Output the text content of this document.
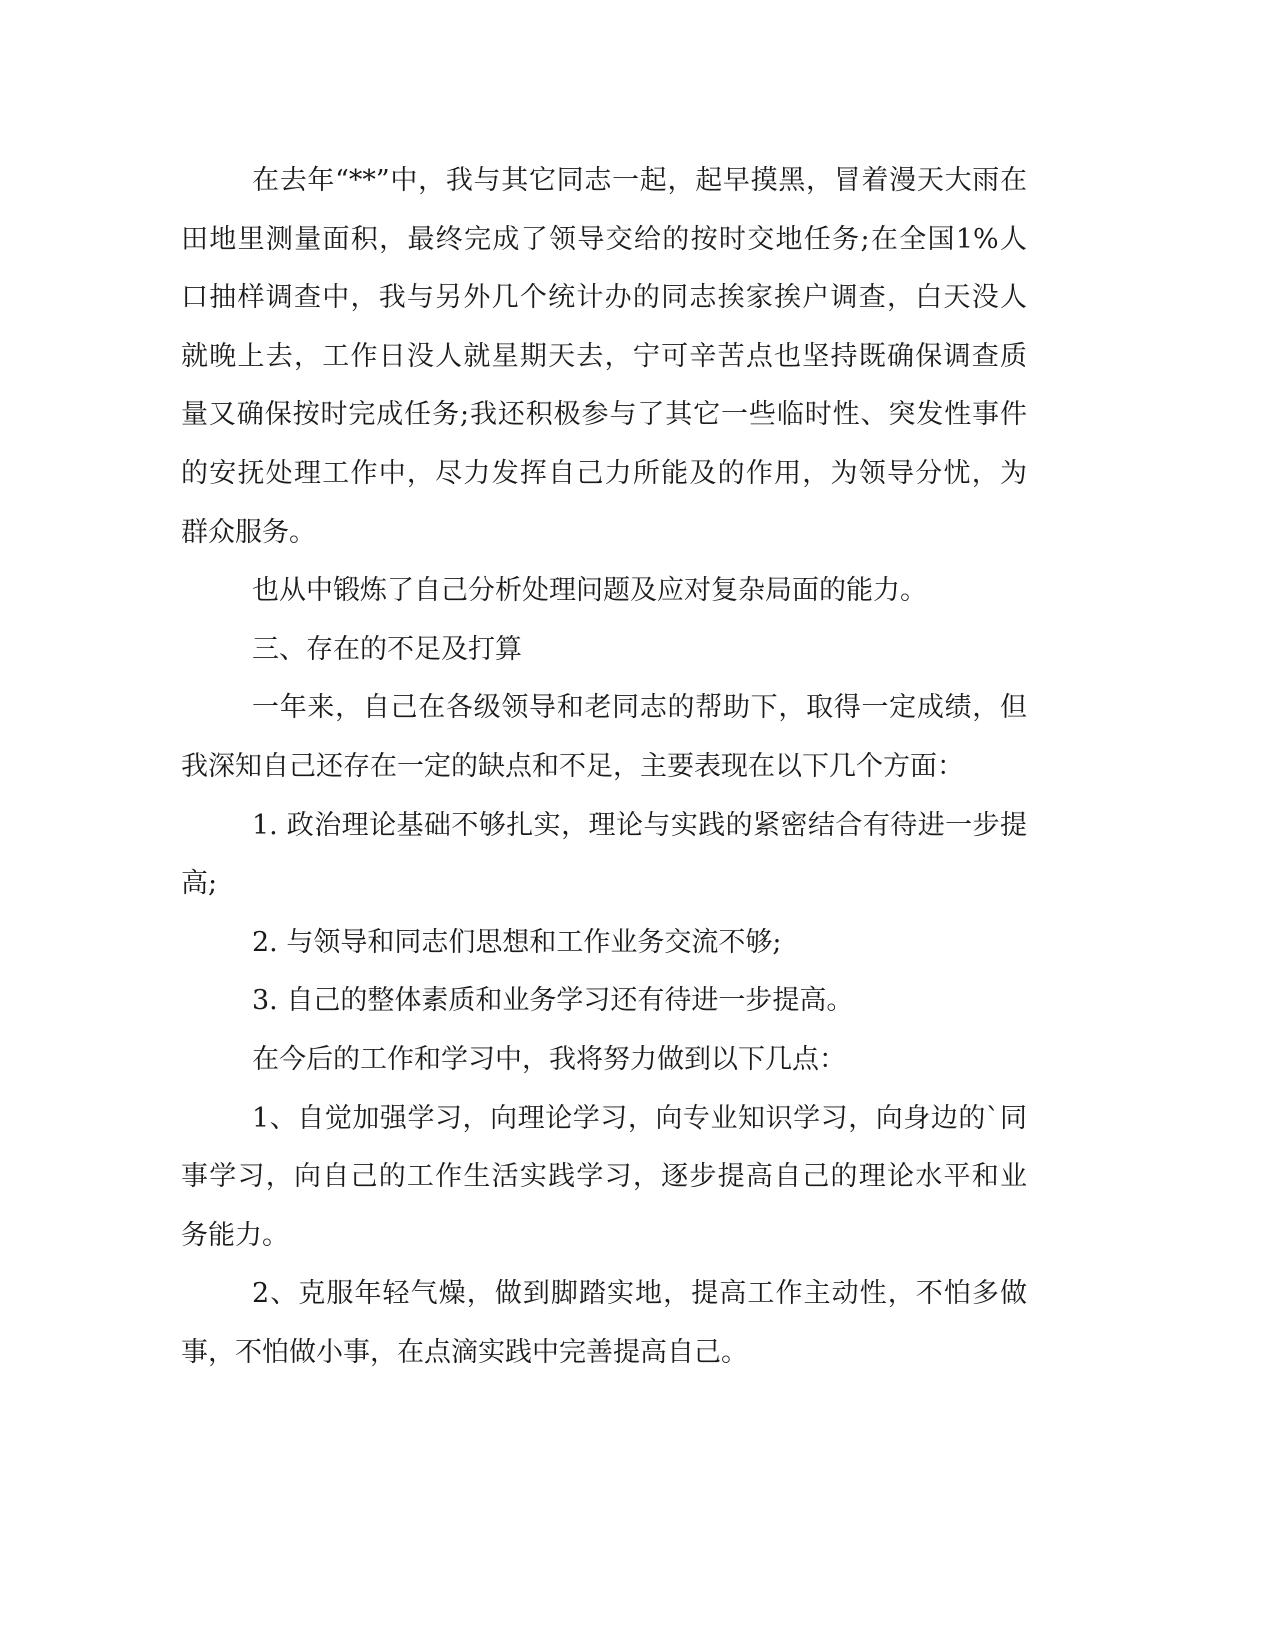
在去年“**”中，我与其它同志一起，起早摸黑，冒着漫天大雨在
田地里测量面积，最终完成了领导交给的按时交地任务;在全国1%人
口抽样调查中，我与另外几个统计办的同志挨家挨户调查，白天没人
就晚上去，工作日没人就星期天去，宁可辛苦点也坚持既确保调查质
量又确保按时完成任务;我还积极参与了其它一些临时性、突发性事件
的安抚处理工作中，尽力发挥自己力所能及的作用，为领导分忧，为
群众服务。
也从中锻炼了自己分析处理问题及应对复杂局面的能力。
三、存在的不足及打算
一年来，自己在各级领导和老同志的帮助下，取得一定成绩，但
我深知自己还存在一定的缺点和不足，主要表现在以下几个方面：
1. 政治理论基础不够扎实，理论与实践的紧密结合有待进一步提
高;
2. 与领导和同志们思想和工作业务交流不够;
3. 自己的整体素质和业务学习还有待进一步提高。
在今后的工作和学习中，我将努力做到以下几点：
1、自觉加强学习，向理论学习，向专业知识学习，向身边的`同
事学习，向自己的工作生活实践学习，逐步提高自己的理论水平和业
务能力。
2、克服年轻气燥，做到脚踏实地，提高工作主动性，不怕多做
事，不怕做小事，在点滴实践中完善提高自己。
